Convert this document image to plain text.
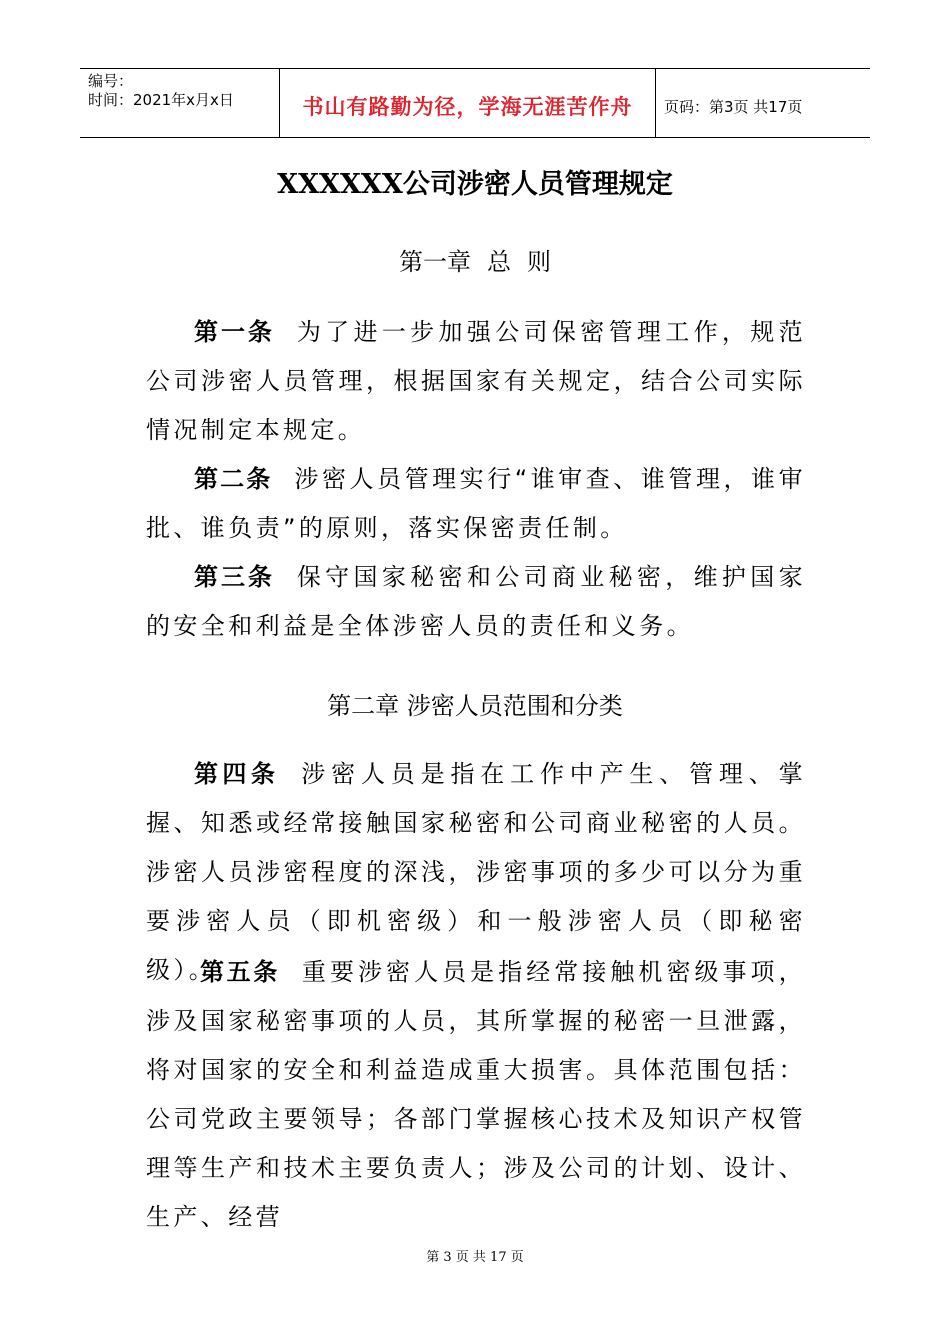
编号：
时间：2021年x月x日	书山有路勤为径，学海无涯苦作舟	页码：第3页 共17页
XXXXXX公司涉密人员管理规定
第一章 总 则
第一条 为了进一步加强公司保密管理工作，规范公司涉密人员管理，根据国家有关规定，结合公司实际情况制定本规定。
第二条 涉密人员管理实行“谁审查、谁管理，谁审批、谁负责”的原则，落实保密责任制。
第三条 保守国家秘密和公司商业秘密，维护国家的安全和利益是全体涉密人员的责任和义务。
第二章 涉密人员范围和分类
第四条 涉密人员是指在工作中产生、管理、掌握、知悉或经常接触国家秘密和公司商业秘密的人员。涉密人员涉密程度的深浅，涉密事项的多少可以分为重要涉密人员（即机密级）和一般涉密人员（即秘密级）。
第五条 重要涉密人员是指经常接触机密级事项，涉及国家秘密事项的人员，其所掌握的秘密一旦泄露，将对国家的安全和利益造成重大损害。具体范围包括：公司党政主要领导；各部门掌握核心技术及知识产权管理等生产和技术主要负责人；涉及公司的计划、设计、生产、经营
第 3 页 共 17 页
